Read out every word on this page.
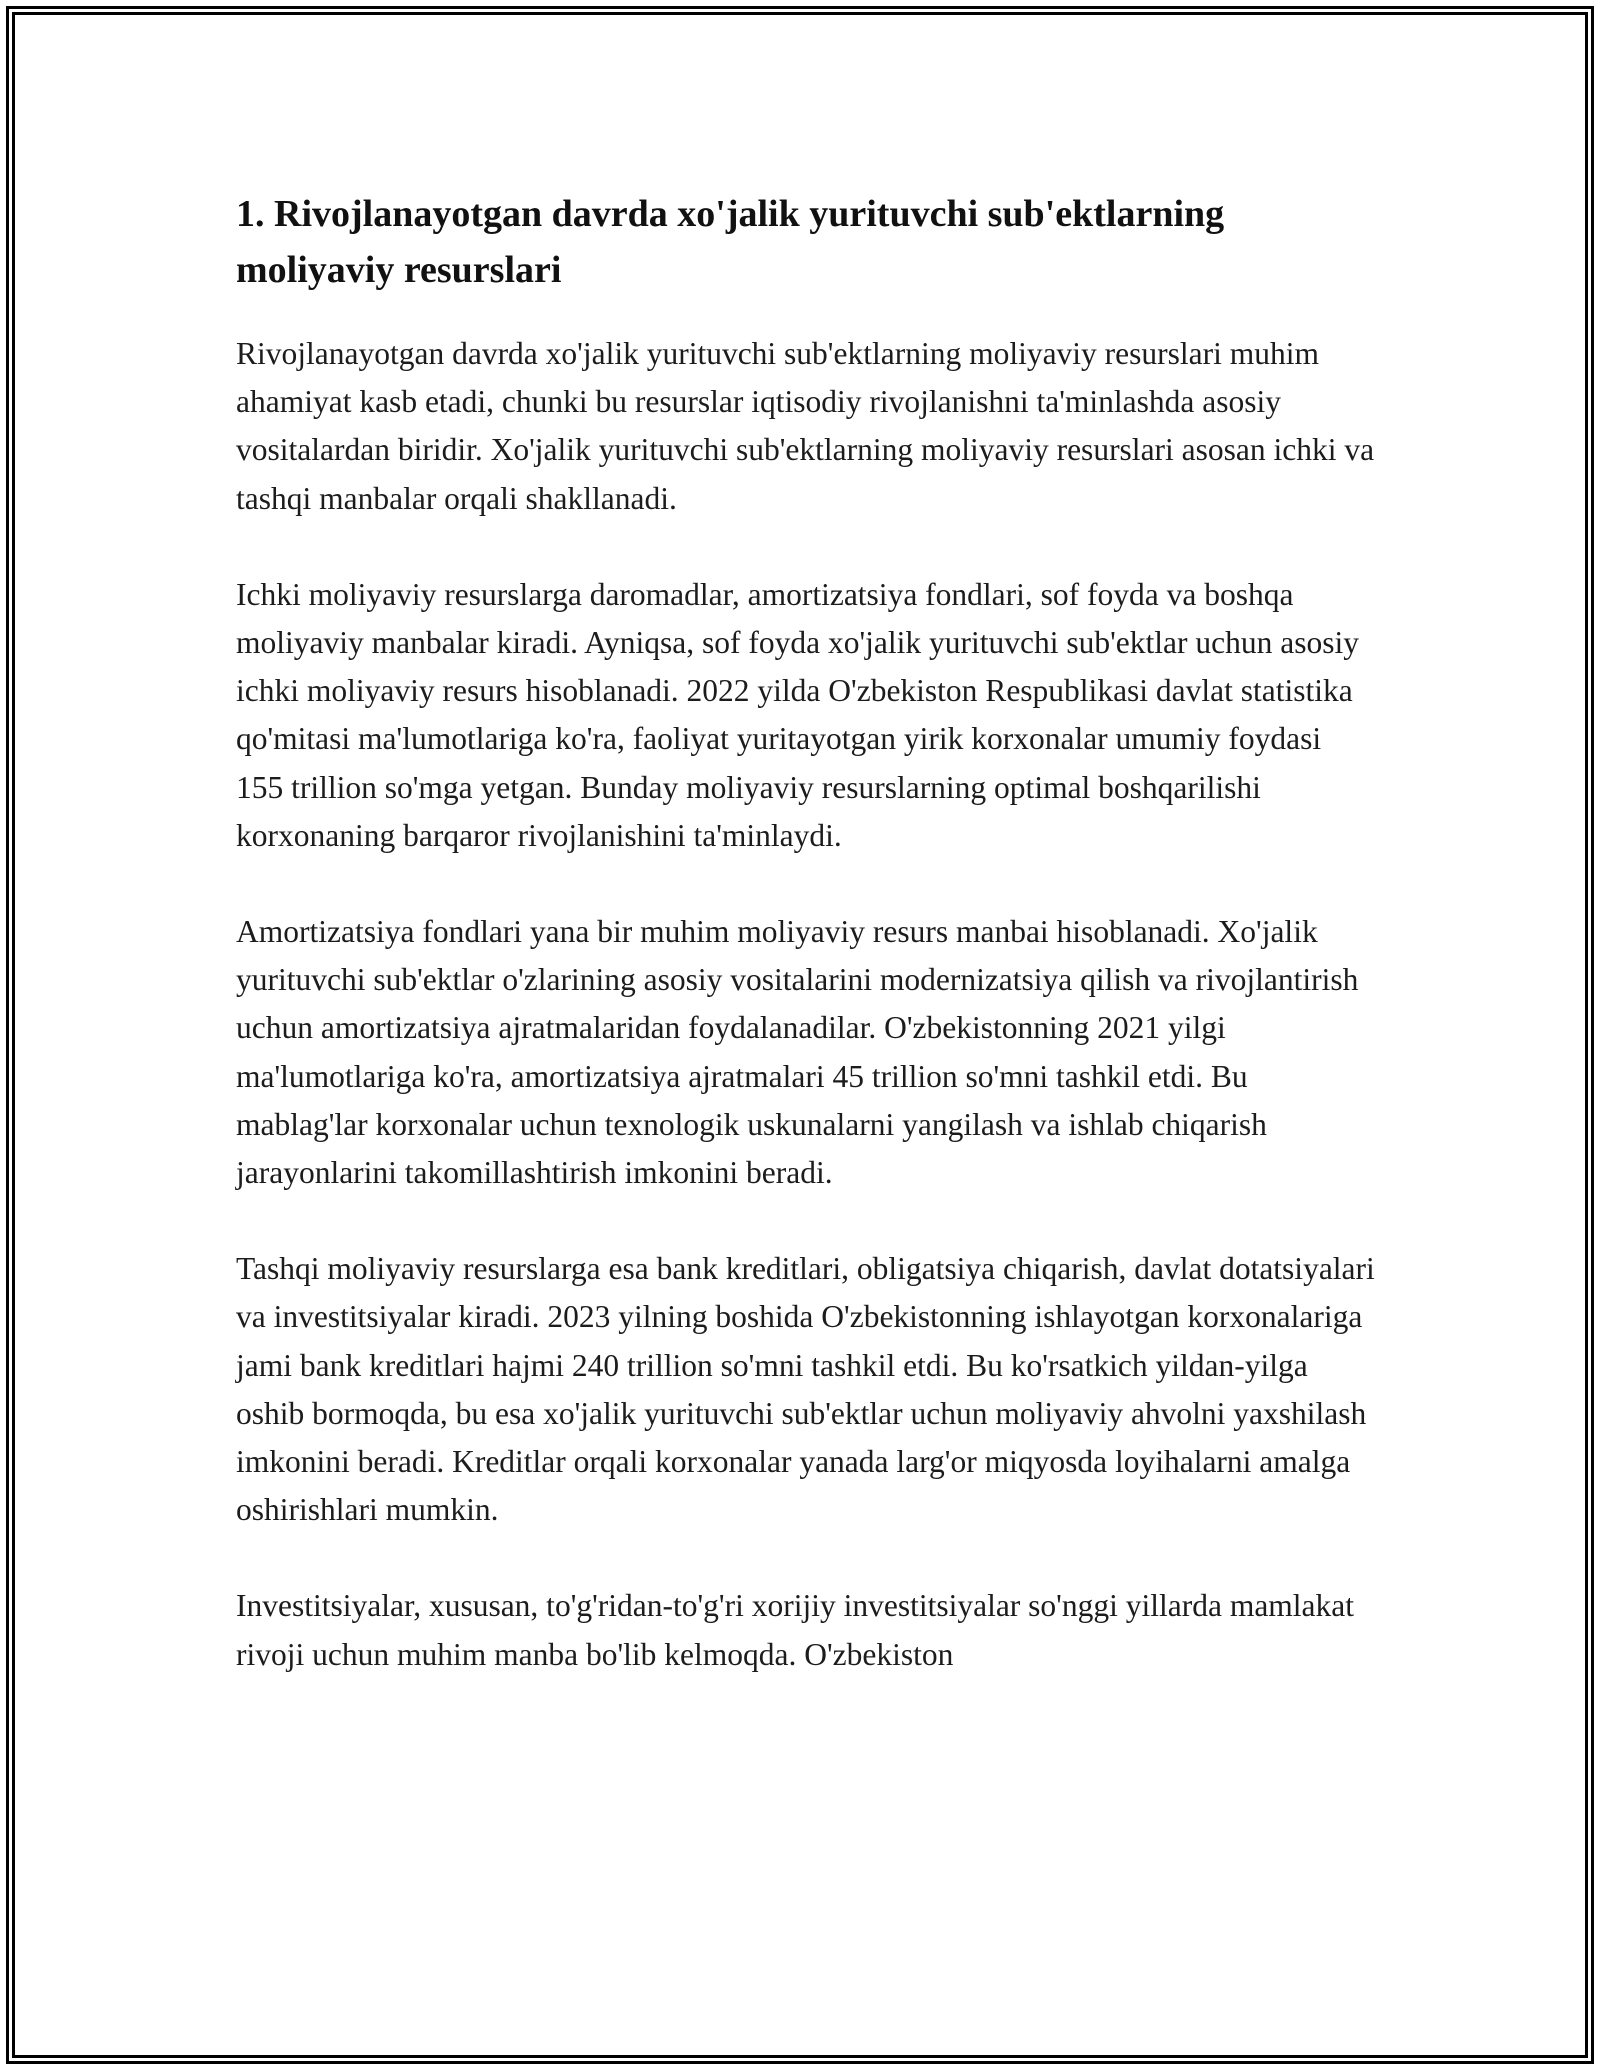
1. Rivojlanayotgan davrda xo'jalik yurituvchi sub'ektlarning moliyaviy resurslari

Rivojlanayotgan davrda xo'jalik yurituvchi sub'ektlarning moliyaviy resurslari muhim ahamiyat kasb etadi, chunki bu resurslar iqtisodiy rivojlanishni ta'minlashda asosiy vositalardan biridir. Xo'jalik yurituvchi sub'ektlarning moliyaviy resurslari asosan ichki va tashqi manbalar orqali shakllanadi.

Ichki moliyaviy resurslarga daromadlar, amortizatsiya fondlari, sof foyda va boshqa moliyaviy manbalar kiradi. Ayniqsa, sof foyda xo'jalik yurituvchi sub'ektlar uchun asosiy ichki moliyaviy resurs hisoblanadi. 2022 yilda O'zbekiston Respublikasi davlat statistika qo'mitasi ma'lumotlariga ko'ra, faoliyat yuritayotgan yirik korxonalar umumiy foydasi 155 trillion so'mga yetgan. Bunday moliyaviy resurslarning optimal boshqarilishi korxonaning barqaror rivojlanishini ta'minlaydi.

Amortizatsiya fondlari yana bir muhim moliyaviy resurs manbai hisoblanadi. Xo'jalik yurituvchi sub'ektlar o'zlarining asosiy vositalarini modernizatsiya qilish va rivojlantirish uchun amortizatsiya ajratmalaridan foydalanadilar. O'zbekistonning 2021 yilgi ma'lumotlariga ko'ra, amortizatsiya ajratmalari 45 trillion so'mni tashkil etdi. Bu mablag'lar korxonalar uchun texnologik uskunalarni yangilash va ishlab chiqarish jarayonlarini takomillashtirish imkonini beradi.

Tashqi moliyaviy resurslarga esa bank kreditlari, obligatsiya chiqarish, davlat dotatsiyalari va investitsiyalar kiradi. 2023 yilning boshida O'zbekistonning ishlayotgan korxonalariga jami bank kreditlari hajmi 240 trillion so'mni tashkil etdi. Bu ko'rsatkich yildan-yilga oshib bormoqda, bu esa xo'jalik yurituvchi sub'ektlar uchun moliyaviy ahvolni yaxshilash imkonini beradi. Kreditlar orqali korxonalar yanada larg'or miqyosda loyihalarni amalga oshirishlari mumkin.

Investitsiyalar, xususan, to'g'ridan-to'g'ri xorijiy investitsiyalar so'nggi yillarda mamlakat rivoji uchun muhim manba bo'lib kelmoqda. O'zbekiston
